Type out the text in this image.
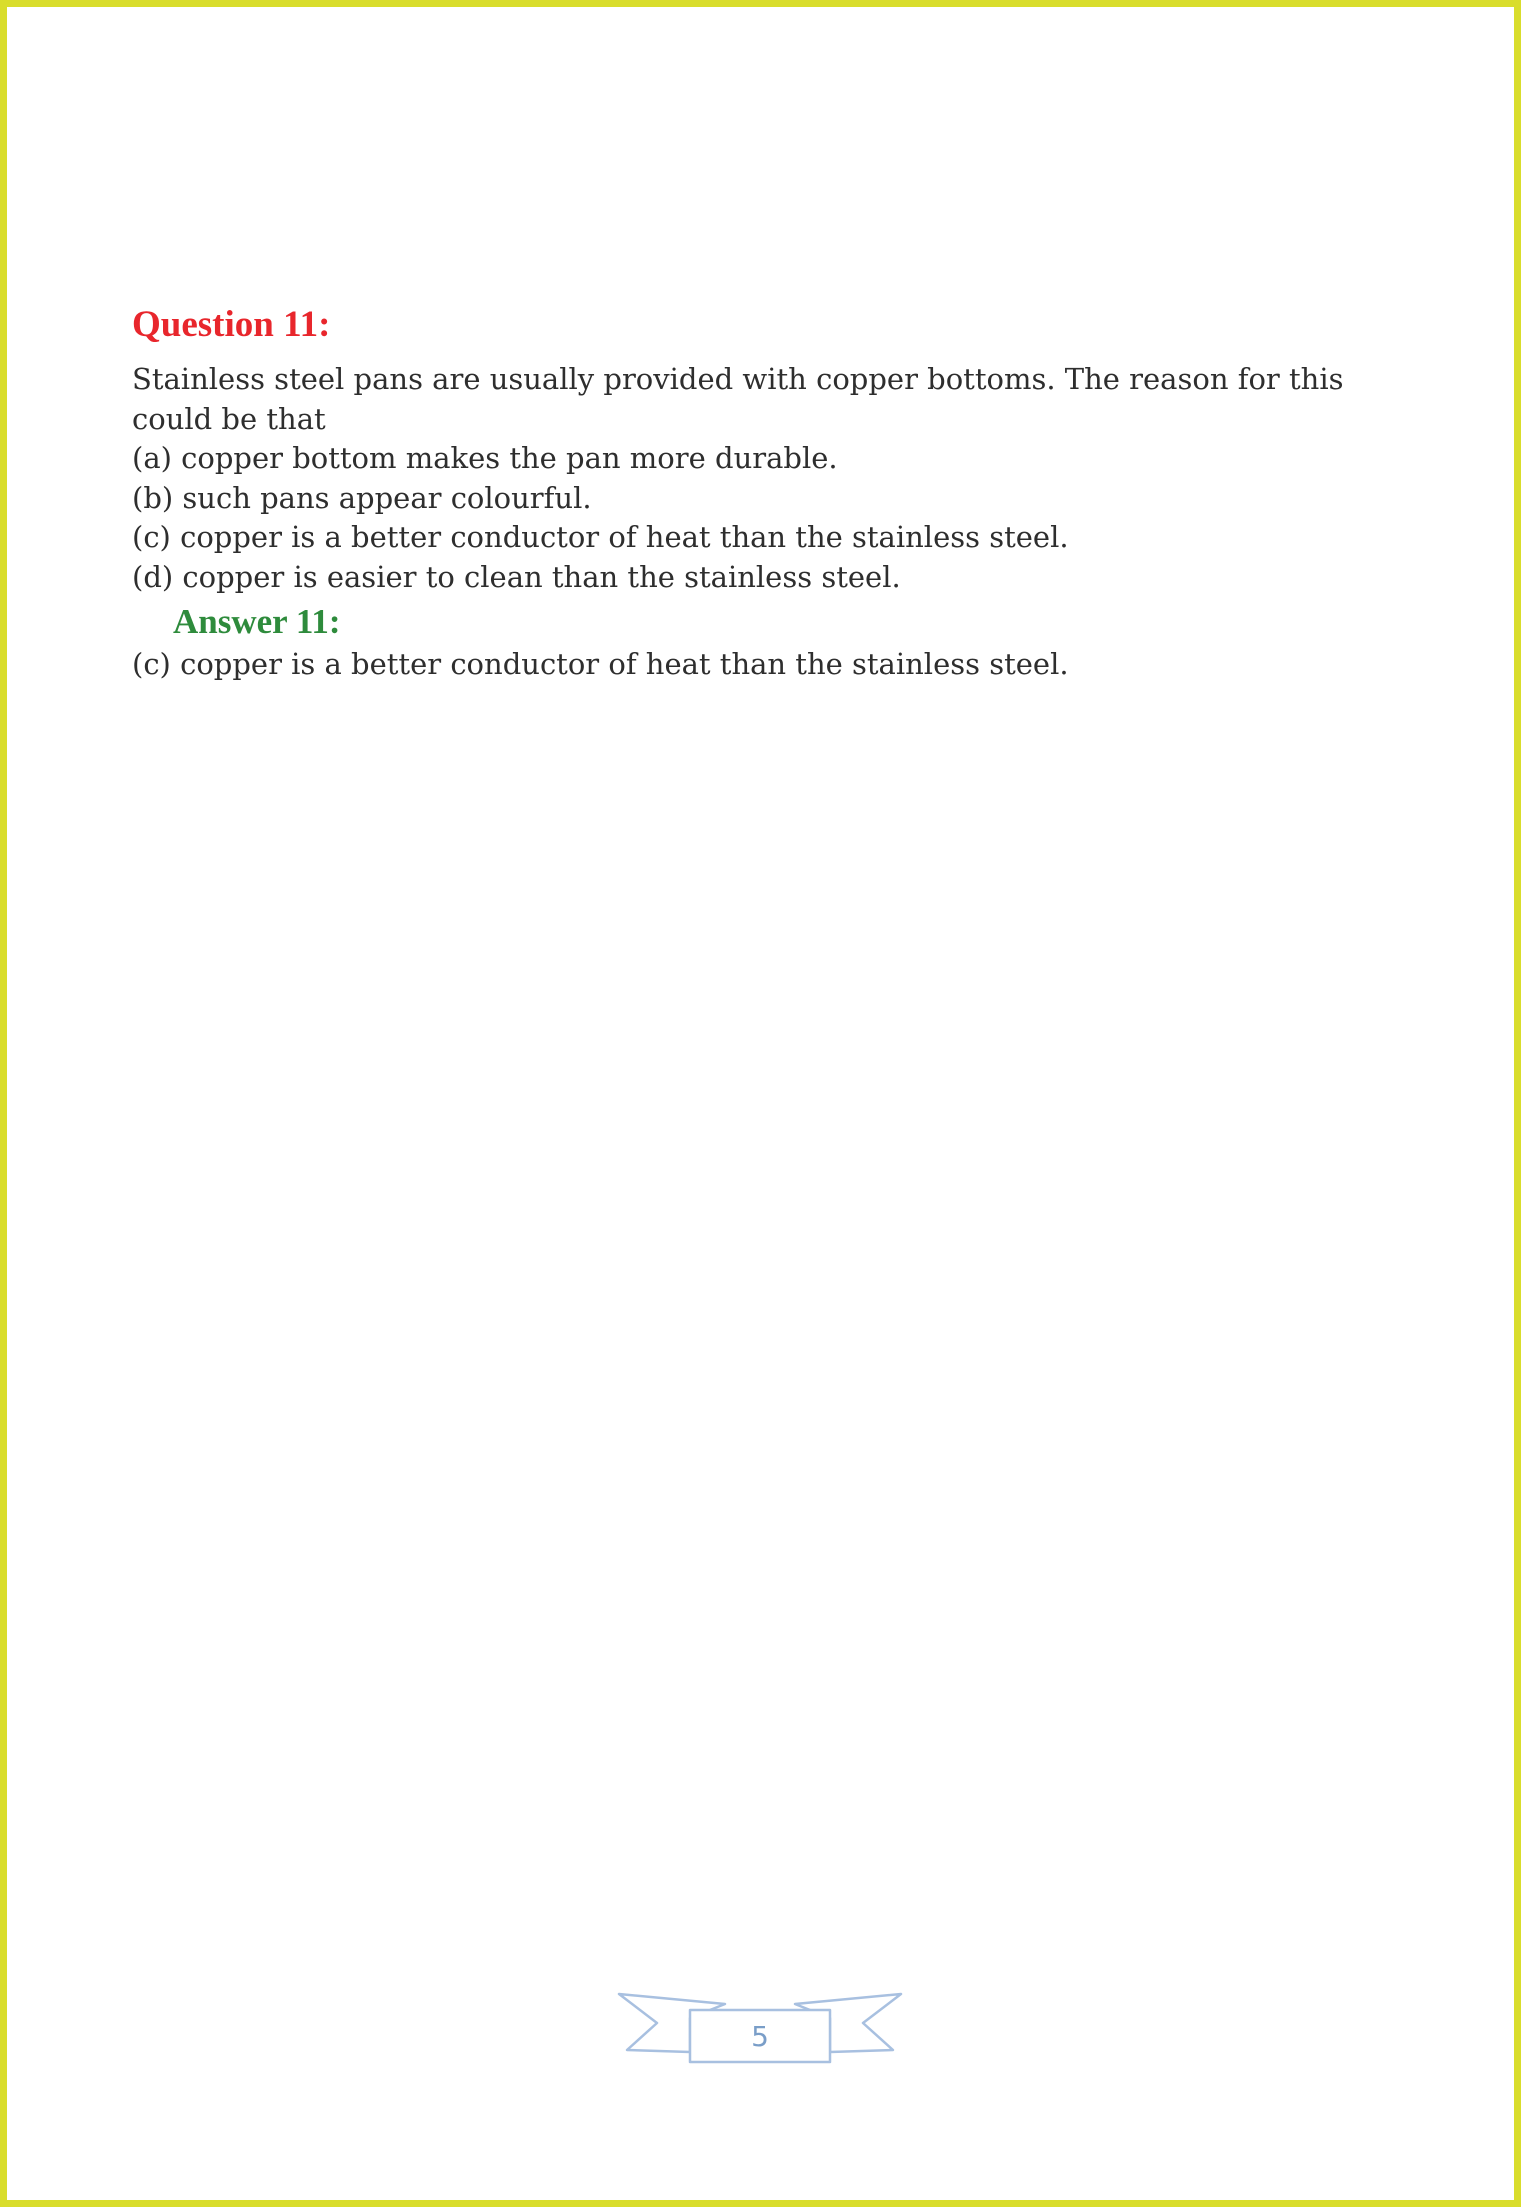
Question 11:

Stainless steel pans are usually provided with copper bottoms. The reason for this could be that

(a) copper bottom makes the pan more durable.

(b) such pans appear colourful.

(c) copper is a better conductor of heat than the stainless steel.

(d) copper is easier to clean than the stainless steel.

Answer 11:

(c) copper is a better conductor of heat than the stainless steel.

5
